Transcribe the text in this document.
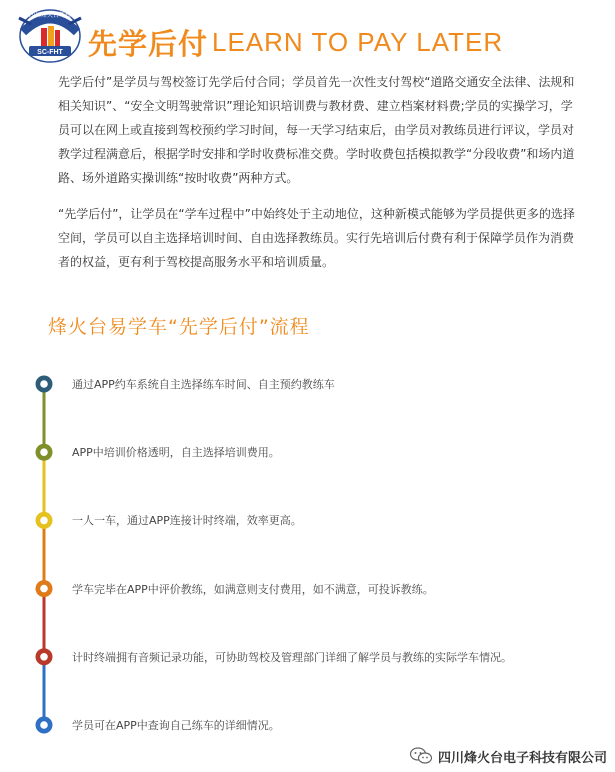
四川烽火台驾校
SC-FHT 先学后付 LEARN TO PAY LATER

先学后付”是学员与驾校签订先学后付合同；学员首先一次性支付驾校“道路交通安全法律、法规和相关知识”、“安全文明驾驶常识”理论知识培训费与教材费、建立档案材料费;学员的实操学习，学员可以在网上或直接到驾校预约学习时间，每一天学习结束后，由学员对教练员进行评议，学员对教学过程满意后，根据学时安排和学时收费标准交费。学时收费包括模拟教学“分段收费”和场内道路、场外道路实操训练“按时收费”两种方式。

“先学后付”，让学员在“学车过程中”中始终处于主动地位，这种新模式能够为学员提供更多的选择空间，学员可以自主选择培训时间、自由选择教练员。实行先培训后付费有利于保障学员作为消费者的权益，更有利于驾校提高服务水平和培训质量。

烽火台易学车“先学后付”流程
通过APP约车系统自主选择练车时间、自主预约教练车
APP中培训价格透明，自主选择培训费用。
一人一车，通过APP连接计时终端，效率更高。
学车完毕在APP中评价教练，如满意则支付费用，如不满意，可投诉教练。
计时终端拥有音频记录功能，可协助驾校及管理部门详细了解学员与教练的实际学车情况。
学员可在APP中查询自己练车的详细情况。
四川烽火台电子科技有限公司
